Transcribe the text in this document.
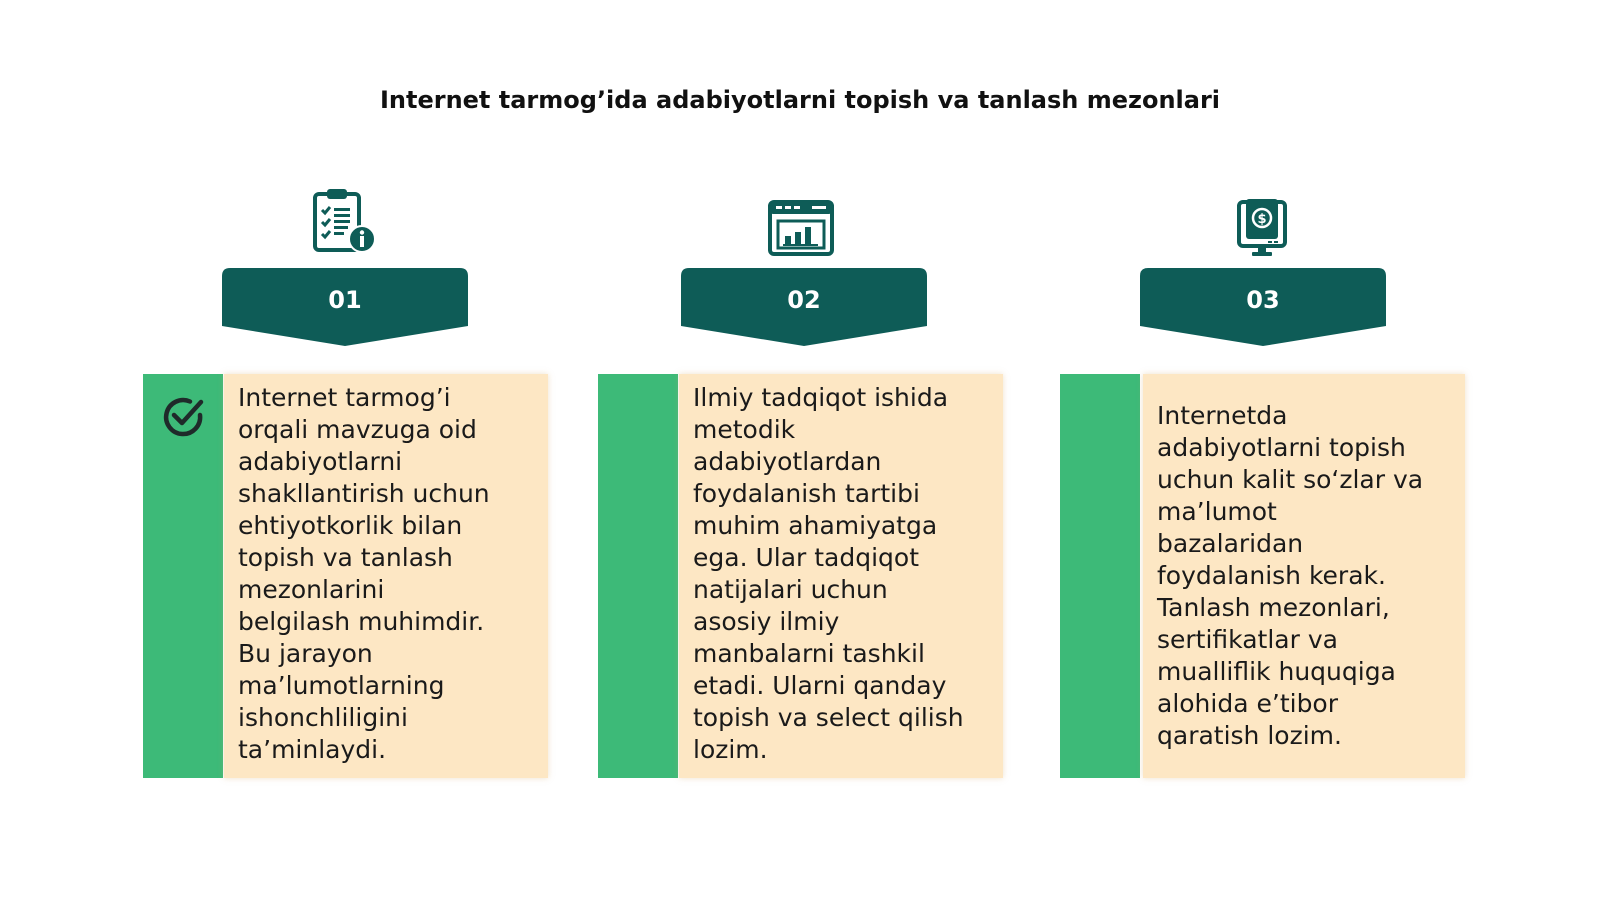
Internet tarmog’ida adabiyotlarni topish va tanlash mezonlari
01
Internet tarmog’i
orqali mavzuga oid
adabiyotlarni
shakllantirish uchun
ehtiyotkorlik bilan
topish va tanlash
mezonlarini
belgilash muhimdir.
Bu jarayon
ma’lumotlarning
ishonchliligini
ta’minlaydi.
02
Ilmiy tadqiqot ishida
metodik
adabiyotlardan
foydalanish tartibi
muhim ahamiyatga
ega. Ular tadqiqot
natijalari uchun
asosiy ilmiy
manbalarni tashkil
etadi. Ularni qanday
topish va select qilish
lozim.
$
03
Internetda
adabiyotlarni topish
uchun kalit so‘zlar va
ma’lumot
bazalaridan
foydalanish kerak.
Tanlash mezonlari,
sertifikatlar va
mualliflik huquqiga
alohida e’tibor
qaratish lozim.
